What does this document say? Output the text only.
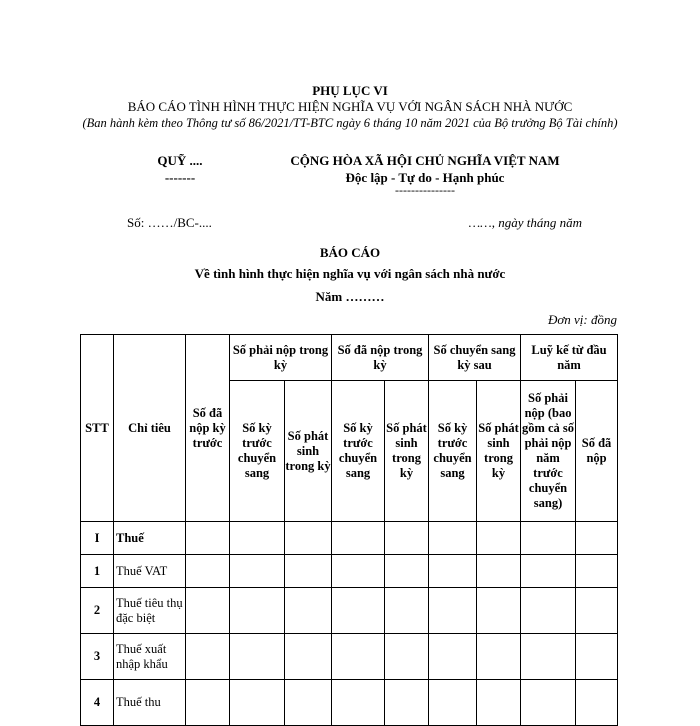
PHỤ LỤC VI
BÁO CÁO TÌNH HÌNH THỰC HIỆN NGHĨA VỤ VỚI NGÂN SÁCH NHÀ NƯỚC
(Ban hành kèm theo Thông tư số 86/2021/TT-BTC ngày 6 tháng 10 năm 2021 của Bộ trưởng Bộ Tài chính)
QUỸ ....
-------
CỘNG HÒA XÃ HỘI CHỦ NGHĨA VIỆT NAM
Độc lập - Tự do - Hạnh phúc
---------------
Số: ……/BC-....	……, ngày tháng năm
BÁO CÁO
Về tình hình thực hiện nghĩa vụ với ngân sách nhà nước
Năm ………
Đơn vị: đồng
STT	Chỉ tiêu	Số đã nộp kỳ trước	Số phải nộp trong kỳ		Số đã nộp trong kỳ		Số chuyển sang kỳ sau		Luỹ kế từ đầu năm	
			Số kỳ trước chuyển sang	Số phát sinh trong kỳ	Số kỳ trước chuyển sang	Số phát sinh trong kỳ	Số kỳ trước chuyển sang	Số phát sinh trong kỳ	Số phải nộp (bao gồm cả số phải nộp năm trước chuyển sang)	Số đã nộp
I	Thuế									
1	Thuế VAT									
2	Thuế tiêu thụ đặc biệt									
3	Thuế xuất nhập khẩu									
4	Thuế thu									
